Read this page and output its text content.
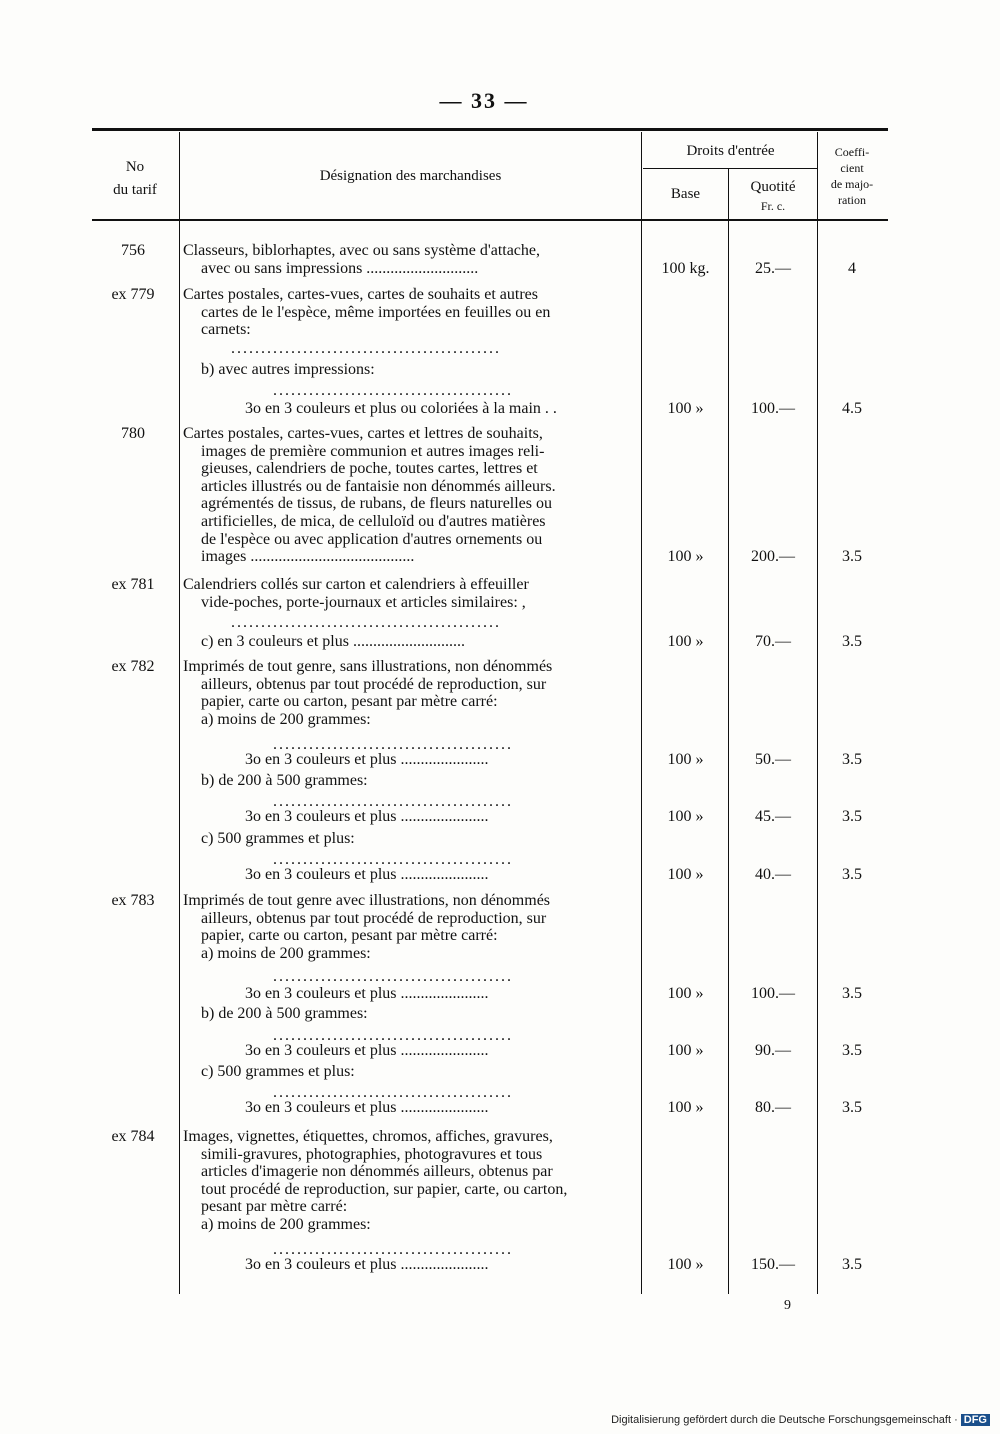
— 33 —
No
du tarif
Désignation des marchandises
Droits d'entrée
Base	Quotité
Fr. c.
Coeffi-
cient
de majo-
ration
756	Classeurs, biblorhaptes, avec ou sans système d'attache,
avec ou sans impressions ............................	100 kg.	25.—	4
ex 779	Cartes postales, cartes-vues, cartes de souhaits et autres
cartes de le l'espèce, même importées en feuilles ou en
carnets:
.............................................
b) avec autres impressions:
........................................
3o en 3 couleurs et plus ou coloriées à la main . .	100 »	100.—	4.5
780	Cartes postales, cartes-vues, cartes et lettres de souhaits,
images de première communion et autres images reli-
gieuses, calendriers de poche, toutes cartes, lettres et
articles illustrés ou de fantaisie non dénommés ailleurs.
agrémentés de tissus, de rubans, de fleurs naturelles ou
artificielles, de mica, de celluloïd ou d'autres matières
de l'espèce ou avec application d'autres ornements ou
images .........................................	100 »	200.—	3.5
ex 781	Calendriers collés sur carton et calendriers à effeuiller
vide-poches, porte-journaux et articles similaires: ,
.............................................
c) en 3 couleurs et plus ............................	100 »	70.—	3.5
ex 782	Imprimés de tout genre, sans illustrations, non dénommés
ailleurs, obtenus par tout procédé de reproduction, sur
papier, carte ou carton, pesant par mètre carré:
a) moins de 200 grammes:
........................................
3o en 3 couleurs et plus ......................	100 »	50.—	3.5
b) de 200 à 500 grammes:
........................................
3o en 3 couleurs et plus ......................	100 »	45.—	3.5
c) 500 grammes et plus:
........................................
3o en 3 couleurs et plus ......................	100 »	40.—	3.5
ex 783	Imprimés de tout genre avec illustrations, non dénommés
ailleurs, obtenus par tout procédé de reproduction, sur
papier, carte ou carton, pesant par mètre carré:
a) moins de 200 grammes:
........................................
3o en 3 couleurs et plus ......................	100 »	100.—	3.5
b) de 200 à 500 grammes:
........................................
3o en 3 couleurs et plus ......................	100 »	90.—	3.5
c) 500 grammes et plus:
........................................
3o en 3 couleurs et plus ......................	100 »	80.—	3.5
ex 784	Images, vignettes, étiquettes, chromos, affiches, gravures,
simili-gravures, photographies, photogravures et tous
articles d'imagerie non dénommés ailleurs, obtenus par
tout procédé de reproduction, sur papier, carte, ou carton,
pesant par mètre carré:
a) moins de 200 grammes:
........................................
3o en 3 couleurs et plus ......................	100 »	150.—	3.5
9
Digitalisierung gefördert durch die Deutsche Forschungsgemeinschaft · DFG
